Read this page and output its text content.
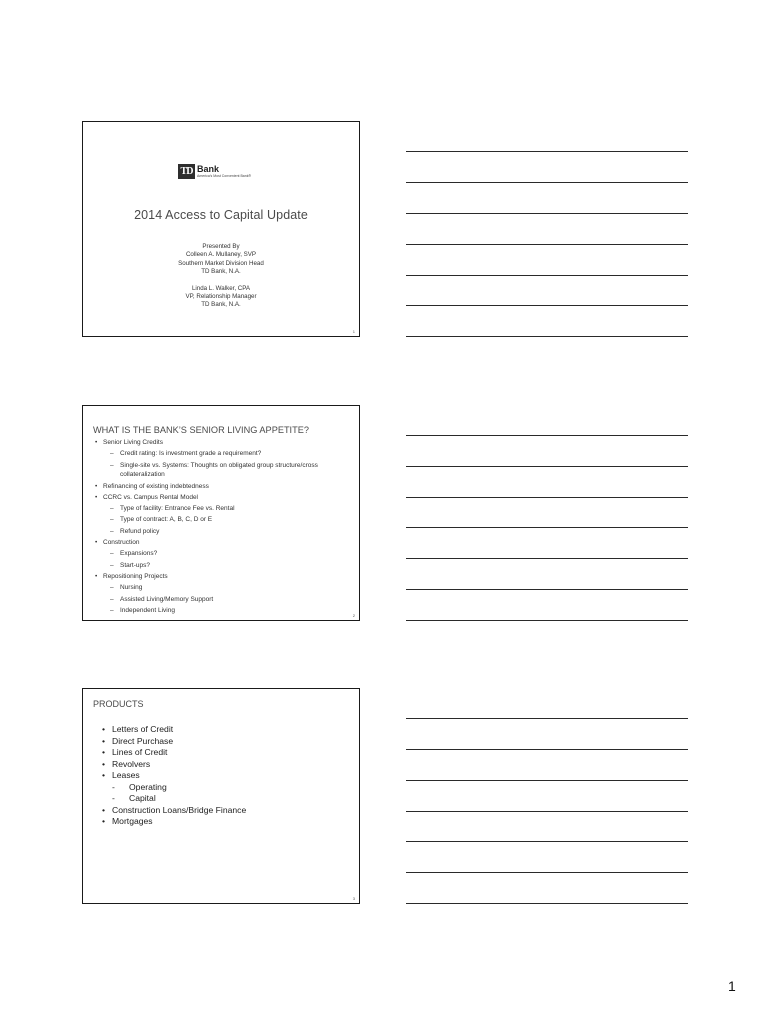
TD Bank
America's Most Convenient Bank®
2014 Access to Capital Update
Presented By
Colleen A. Mullaney, SVP
Southern Market Division Head
TD Bank, N.A.
Linda L. Walker, CPA
VP, Relationship Manager
TD Bank, N.A.
1
WHAT IS THE BANK’S SENIOR LIVING APPETITE?
• Senior Living Credits
– Credit rating: Is investment grade a requirement?
– Single-site vs. Systems: Thoughts on obligated group structure/cross collateralization
• Refinancing of existing indebtedness
• CCRC vs. Campus Rental Model
– Type of facility: Entrance Fee vs. Rental
– Type of contract: A, B, C, D or E
– Refund policy
• Construction
– Expansions?
– Start-ups?
• Repositioning Projects
– Nursing
– Assisted Living/Memory Support
– Independent Living
2
PRODUCTS
• Letters of Credit
• Direct Purchase
• Lines of Credit
• Revolvers
• Leases
- Operating
- Capital
• Construction Loans/Bridge Finance
• Mortgages
3
1
